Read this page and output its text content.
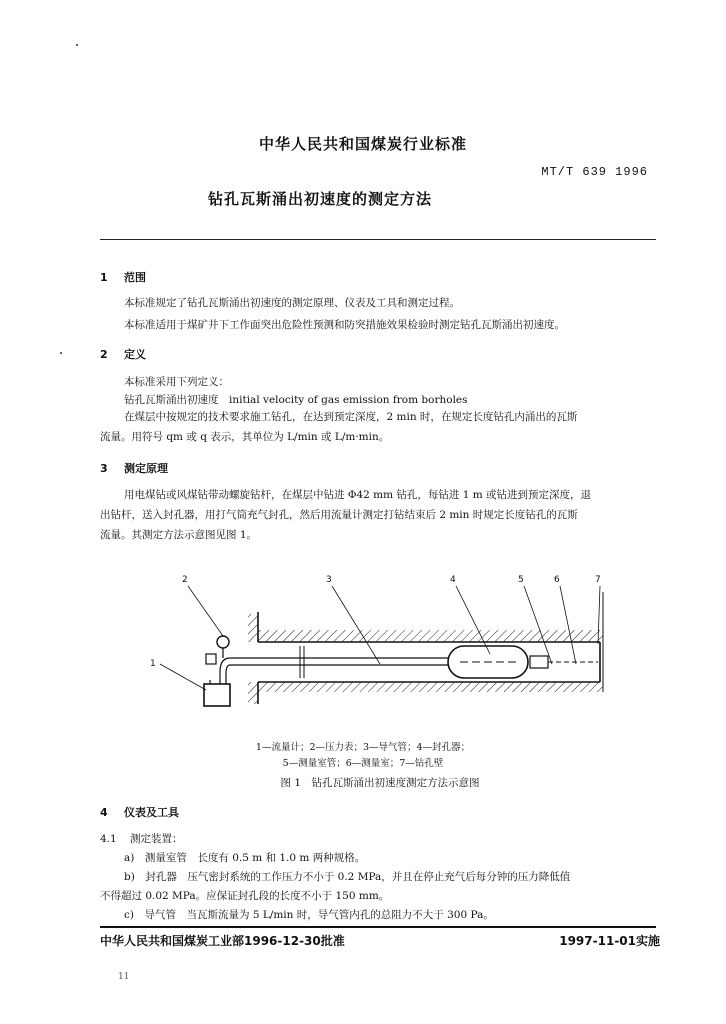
中华人民共和国煤炭行业标准
MT/T 639 1996
钻孔瓦斯涌出初速度的测定方法
1 范围
本标准规定了钻孔瓦斯涌出初速度的测定原理、仪表及工具和测定过程。
本标准适用于煤矿井下工作面突出危险性预测和防突措施效果检验时测定钻孔瓦斯涌出初速度。
2 定义
本标准采用下列定义：
钻孔瓦斯涌出初速度　initial velocity of gas emission from borholes
在煤层中按规定的技术要求施工钻孔，在达到预定深度，2 min 时，在规定长度钻孔内涌出的瓦斯
流量。用符号 qm 或 q 表示，其单位为 L/min 或 L/m·min。
3 测定原理
用电煤钻或风煤钻带动螺旋钻杆，在煤层中钻进 Φ42 mm 钻孔，每钻进 1 m 或钻进到预定深度，退
出钻杆，送入封孔器，用打气筒充气封孔，然后用流量计测定打钻结束后 2 min 时规定长度钻孔的瓦斯
流量。其测定方法示意图见图 1。
1
2	3	4	5	6	7
1—流量计；2—压力表；3—导气管；4—封孔器；
5—测量室管；6—测量室；7—钻孔壁
图 1　钻孔瓦斯涌出初速度测定方法示意图
4 仪表及工具
4.1 测定装置：
a)　测量室管　长度有 0.5 m 和 1.0 m 两种规格。
b)　封孔器　压气密封系统的工作压力不小于 0.2 MPa，并且在停止充气后每分钟的压力降低值
不得超过 0.02 MPa。应保证封孔段的长度不小于 150 mm。
c)　导气管　当瓦斯流量为 5 L/min 时，导气管内孔的总阻力不大于 300 Pa。
中华人民共和国煤炭工业部1996-12-30批准	1997-11-01实施
11
